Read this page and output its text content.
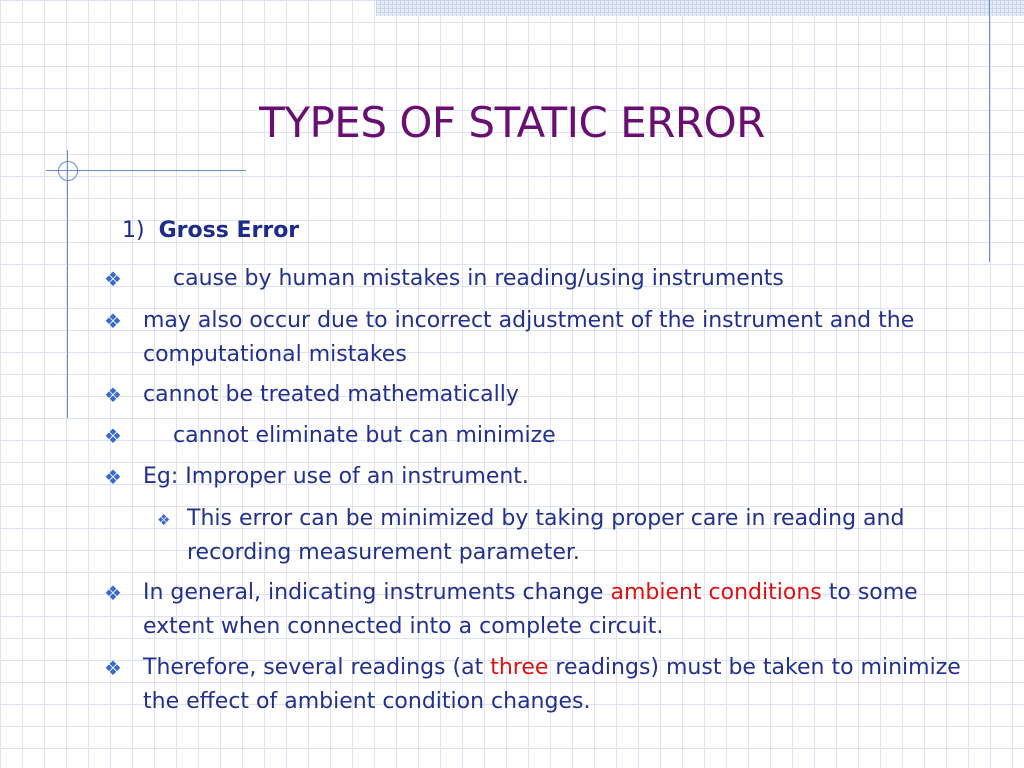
TYPES OF STATIC ERROR
1) Gross Error
❖	cause by human mistakes in reading/using instruments
❖ may also occur due to incorrect adjustment of the instrument and the computational mistakes
❖ cannot be treated mathematically
❖	cannot eliminate but can minimize
❖ Eg: Improper use of an instrument.
❖ This error can be minimized by taking proper care in reading and recording measurement parameter.
❖ In general, indicating instruments change ambient conditions to some extent when connected into a complete circuit.
❖ Therefore, several readings (at three readings) must be taken to minimize the effect of ambient condition changes.
